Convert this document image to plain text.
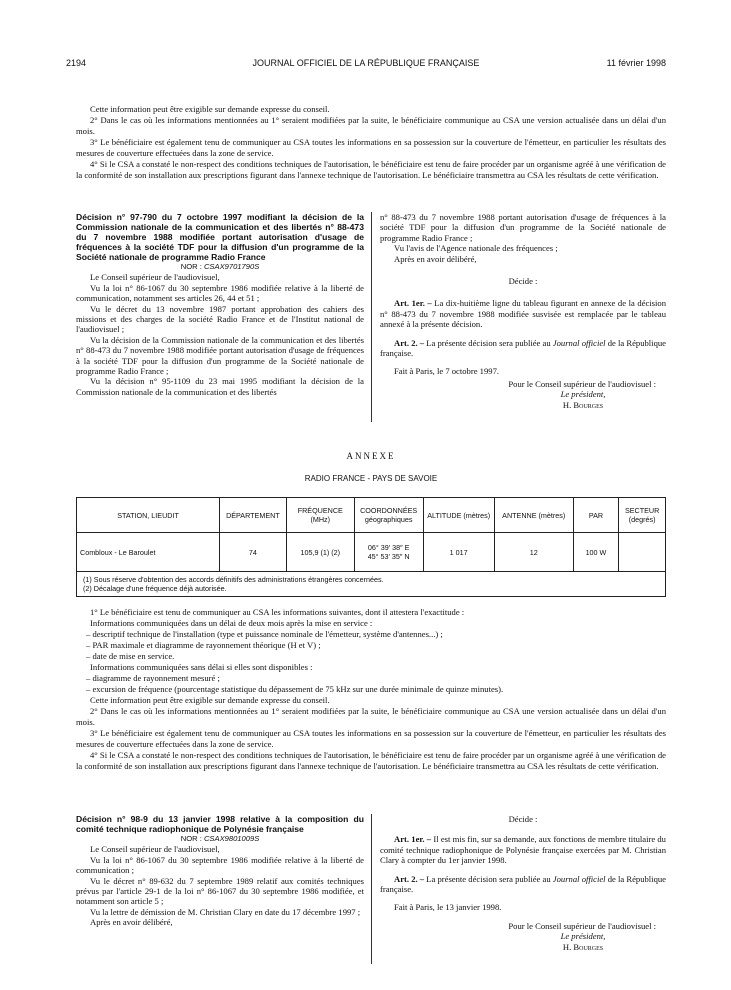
2194	JOURNAL OFFICIEL DE LA RÉPUBLIQUE FRANÇAISE	11 février 1998

Cette information peut être exigible sur demande expresse du conseil.

2° Dans le cas où les informations mentionnées au 1° seraient modifiées par la suite, le bénéficiaire communique au CSA une version actualisée dans un délai d'un mois.

3° Le bénéficiaire est également tenu de communiquer au CSA toutes les informations en sa possession sur la couverture de l'émetteur, en particulier les résultats des mesures de couverture effectuées dans la zone de service.

4° Si le CSA a constaté le non-respect des conditions techniques de l'autorisation, le bénéficiaire est tenu de faire procéder par un organisme agréé à une vérification de la conformité de son installation aux prescriptions figurant dans l'annexe technique de l'autorisation. Le bénéficiaire transmettra au CSA les résultats de cette vérification.

Décision n° 97-790 du 7 octobre 1997 modifiant la décision de la Commission nationale de la communication et des libertés n° 88-473 du 7 novembre 1988 modifiée portant autorisation d'usage de fréquences à la société TDF pour la diffusion d'un programme de la Société nationale de programme Radio France

NOR : CSAX9701790S

Le Conseil supérieur de l'audiovisuel,

Vu la loi n° 86-1067 du 30 septembre 1986 modifiée relative à la liberté de communication, notamment ses articles 26, 44 et 51 ;

Vu le décret du 13 novembre 1987 portant approbation des cahiers des missions et des charges de la société Radio France et de l'Institut national de l'audiovisuel ;

Vu la décision de la Commission nationale de la communication et des libertés n° 88-473 du 7 novembre 1988 modifiée portant autorisation d'usage de fréquences à la société TDF pour la diffusion d'un programme de la Société nationale de programme Radio France ;

Vu la décision n° 95-1109 du 23 mai 1995 modifiant la décision de la Commission nationale de la communication et des libertés

n° 88-473 du 7 novembre 1988 portant autorisation d'usage de fréquences à la société TDF pour la diffusion d'un programme de la Société nationale de programme Radio France ;

Vu l'avis de l'Agence nationale des fréquences ;

Après en avoir délibéré,

Décide :

Art. 1er. – La dix-huitième ligne du tableau figurant en annexe de la décision n° 88-473 du 7 novembre 1988 modifiée susvisée est remplacée par le tableau annexé à la présente décision.

Art. 2. – La présente décision sera publiée au Journal officiel de la République française.

Fait à Paris, le 7 octobre 1997.

Pour le Conseil supérieur de l'audiovisuel :

Le président,

H. Bourges

ANNEXE
RADIO FRANCE - PAYS DE SAVOIE
STATION, LIEUDIT	DÉPARTEMENT	FRÉQUENCE (MHz)	COORDONNÉES géographiques	ALTITUDE (mètres)	ANTENNE (mètres)	PAR	SECTEUR (degrés)
Combloux - Le Baroulet	74	105,9 (1) (2)	06° 39′ 38″ E
45° 53′ 35″ N	1 017	12	100 W	

(1) Sous réserve d'obtention des accords définitifs des administrations étrangères concernées.
(2) Décalage d'une fréquence déjà autorisée.							

1° Le bénéficiaire est tenu de communiquer au CSA les informations suivantes, dont il attestera l'exactitude :

Informations communiquées dans un délai de deux mois après la mise en service :

– descriptif technique de l'installation (type et puissance nominale de l'émetteur, système d'antennes...) ;

– PAR maximale et diagramme de rayonnement théorique (H et V) ;

– date de mise en service.

Informations communiquées sans délai si elles sont disponibles :

– diagramme de rayonnement mesuré ;

– excursion de fréquence (pourcentage statistique du dépassement de 75 kHz sur une durée minimale de quinze minutes).

Cette information peut être exigible sur demande expresse du conseil.

2° Dans le cas où les informations mentionnées au 1° seraient modifiées par la suite, le bénéficiaire communique au CSA une version actualisée dans un délai d'un mois.

3° Le bénéficiaire est également tenu de communiquer au CSA toutes les informations en sa possession sur la couverture de l'émetteur, en particulier les résultats des mesures de couverture effectuées dans la zone de service.

4° Si le CSA a constaté le non-respect des conditions techniques de l'autorisation, le bénéficiaire est tenu de faire procéder par un organisme agréé à une vérification de la conformité de son installation aux prescriptions figurant dans l'annexe technique de l'autorisation. Le bénéficiaire transmettra au CSA les résultats de cette vérification.

Décision n° 98-9 du 13 janvier 1998 relative à la composition du comité technique radiophonique de Polynésie française

NOR : CSAX9801009S

Le Conseil supérieur de l'audiovisuel,

Vu la loi n° 86-1067 du 30 septembre 1986 modifiée relative à la liberté de communication ;

Vu le décret n° 89-632 du 7 septembre 1989 relatif aux comités techniques prévus par l'article 29-1 de la loi n° 86-1067 du 30 septembre 1986 modifiée, et notamment son article 5 ;

Vu la lettre de démission de M. Christian Clary en date du 17 décembre 1997 ;

Après en avoir délibéré,

Décide :

Art. 1er. – Il est mis fin, sur sa demande, aux fonctions de membre titulaire du comité technique radiophonique de Polynésie française exercées par M. Christian Clary à compter du 1er janvier 1998.

Art. 2. – La présente décision sera publiée au Journal officiel de la République française.

Fait à Paris, le 13 janvier 1998.

Pour le Conseil supérieur de l'audiovisuel :

Le président,

H. Bourges
